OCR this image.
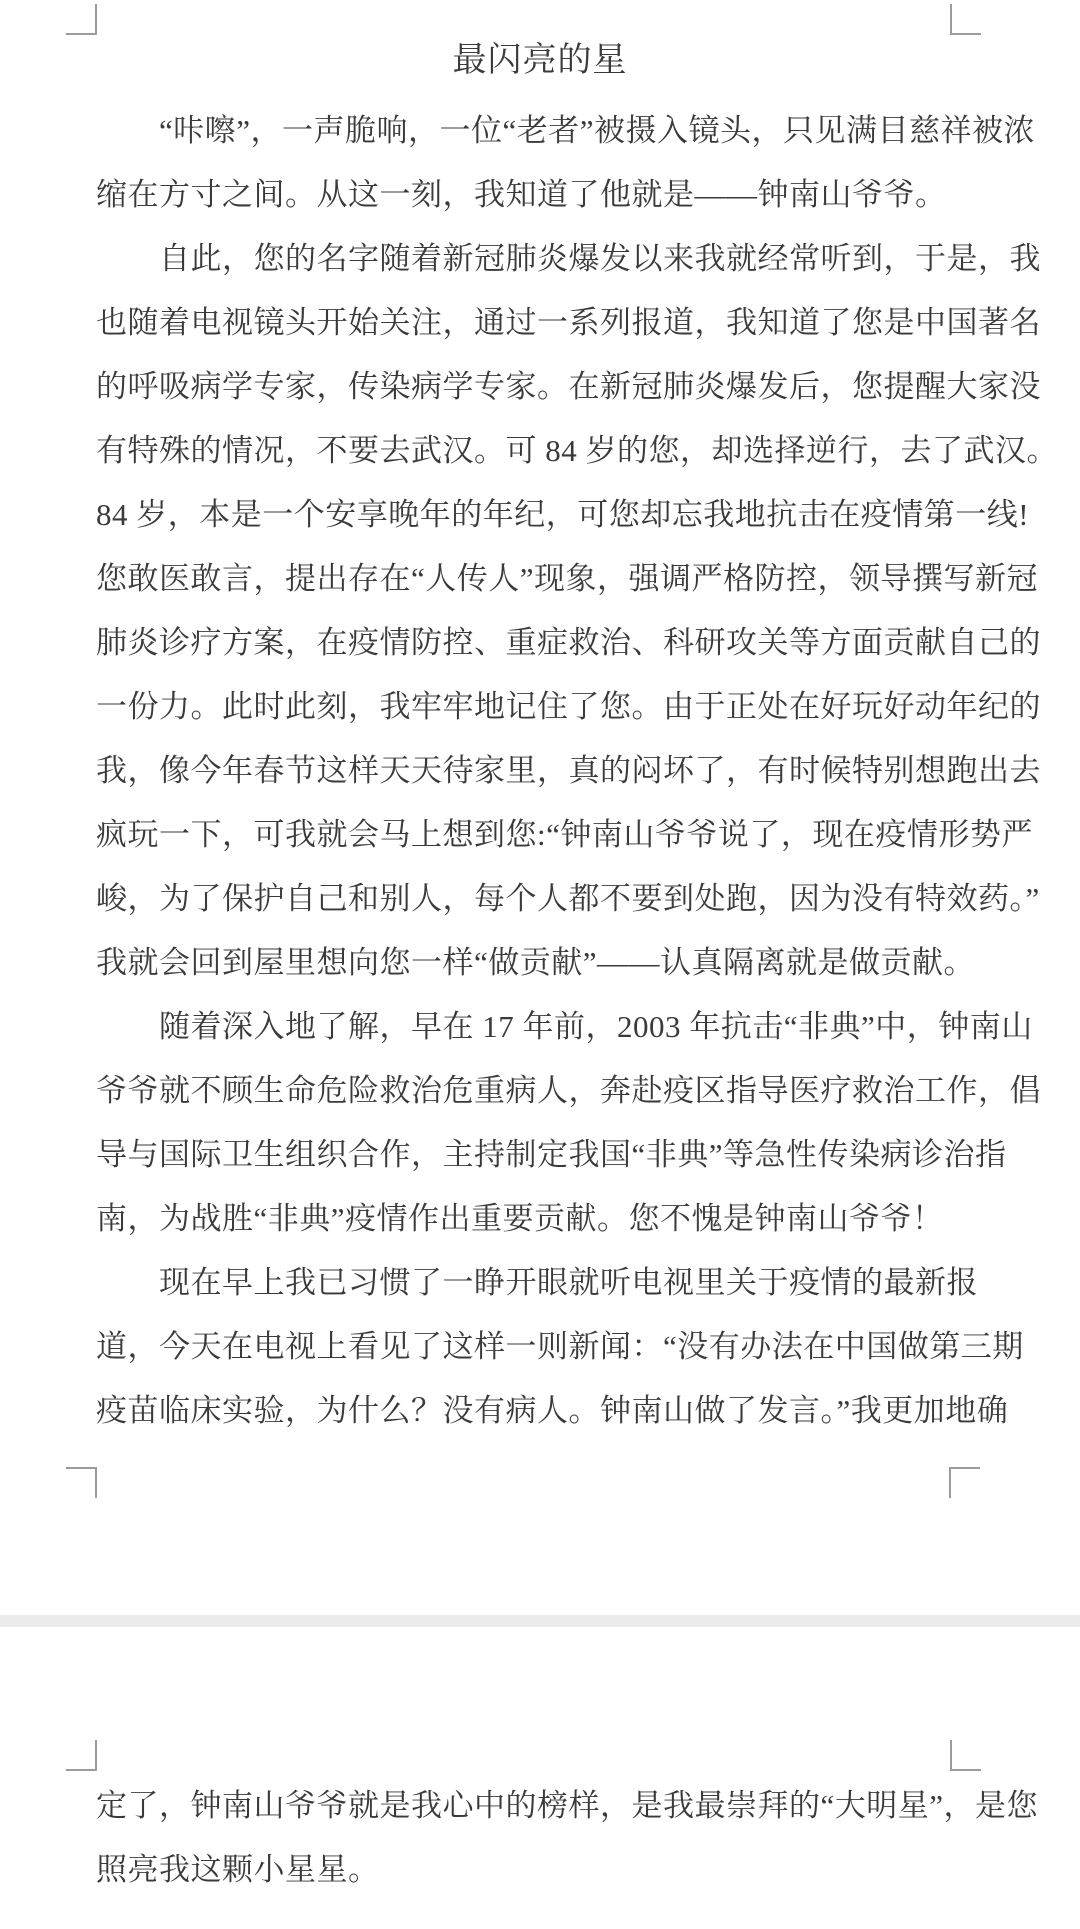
最闪亮的星
　　“咔嚓”，一声脆响，一位“老者”被摄入镜头，只见满目慈祥被浓
缩在方寸之间。从这一刻，我知道了他就是——钟南山爷爷。
　　自此，您的名字随着新冠肺炎爆发以来我就经常听到，于是，我
也随着电视镜头开始关注，通过一系列报道，我知道了您是中国著名
的呼吸病学专家，传染病学专家。在新冠肺炎爆发后，您提醒大家没
有特殊的情况，不要去武汉。可 84 岁的您，却选择逆行，去了武汉。
84 岁，本是一个安享晚年的年纪，可您却忘我地抗击在疫情第一线!
您敢医敢言，提出存在“人传人”现象，强调严格防控，领导撰写新冠
肺炎诊疗方案，在疫情防控、重症救治、科研攻关等方面贡献自己的
一份力。此时此刻，我牢牢地记住了您。由于正处在好玩好动年纪的
我，像今年春节这样天天待家里，真的闷坏了，有时候特别想跑出去
疯玩一下，可我就会马上想到您:“钟南山爷爷说了，现在疫情形势严
峻，为了保护自己和别人，每个人都不要到处跑，因为没有特效药。”
我就会回到屋里想向您一样“做贡献”——认真隔离就是做贡献。
　　随着深入地了解，早在 17 年前，2003 年抗击“非典”中，钟南山
爷爷就不顾生命危险救治危重病人，奔赴疫区指导医疗救治工作，倡
导与国际卫生组织合作，主持制定我国“非典”等急性传染病诊治指
南，为战胜“非典”疫情作出重要贡献。您不愧是钟南山爷爷！
　　现在早上我已习惯了一睁开眼就听电视里关于疫情的最新报
道，今天在电视上看见了这样一则新闻：“没有办法在中国做第三期
疫苗临床实验，为什么？没有病人。钟南山做了发言。”我更加地确
定了，钟南山爷爷就是我心中的榜样，是我最崇拜的“大明星”，是您
照亮我这颗小星星。
